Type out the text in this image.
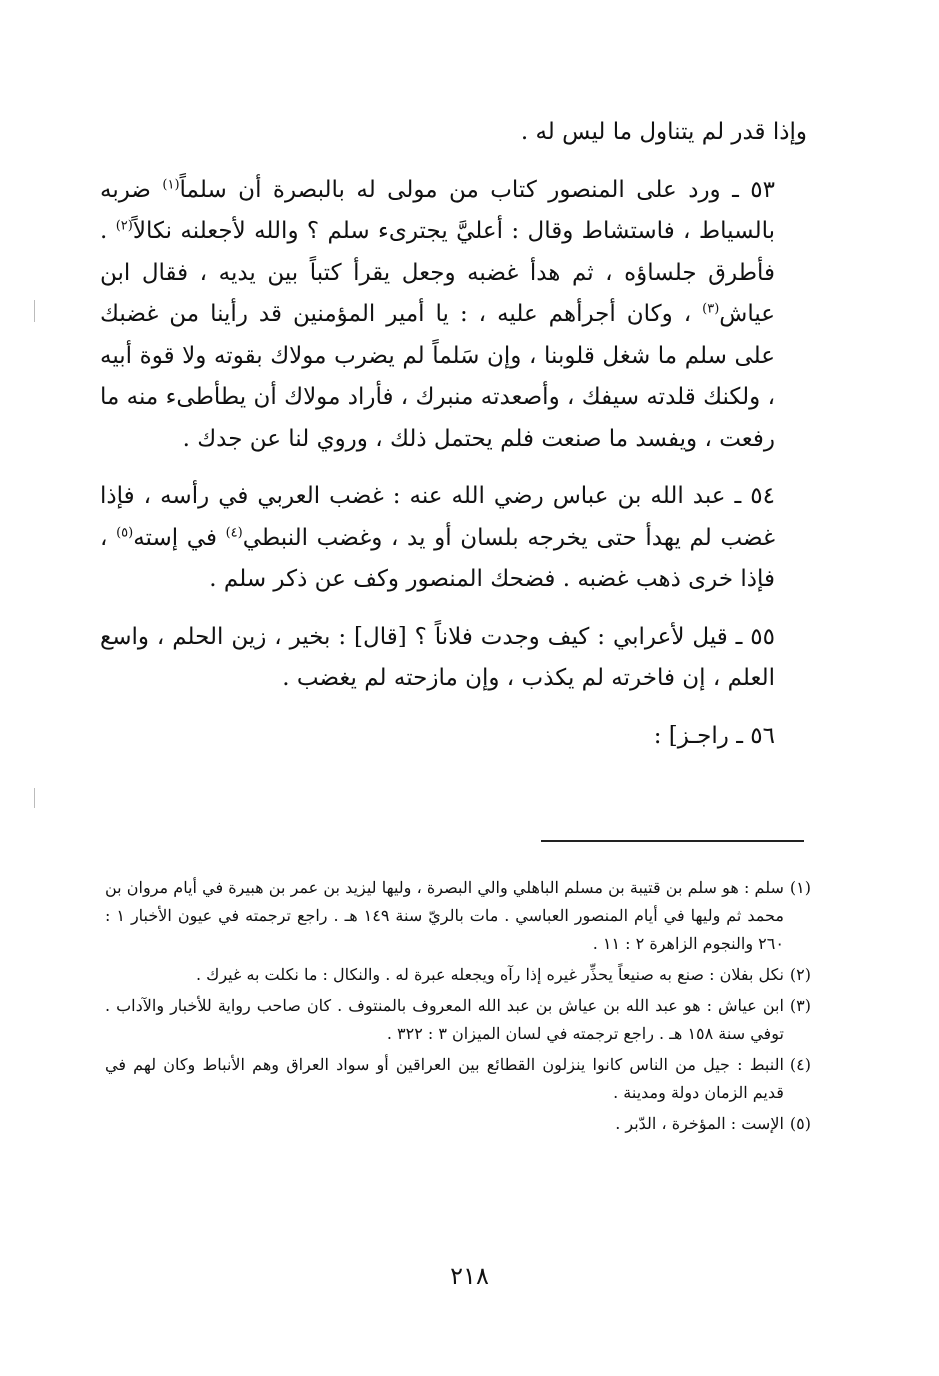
وإذا قدر لم يتناول ما ليس له .

٥٣ ـ ورد على المنصور كتاب من مولى له بالبصرة أن سلماً$^{(١)}$ ضربه بالسياط ، فاستشاط وقال : أعليَّ يجترىء سلم ؟ والله لأجعلنه نكالاً$^{(٢)}$ . فأطرق جلساؤه ، ثم هدأ غضبه وجعل يقرأ كتباً بين يديه ، فقال ابن عياش$^{(٣)}$ ، وكان أجرأهم عليه ، : يا أمير المؤمنين قد رأينا من غضبك على سلم ما شغل قلوبنا ، وإن سَلماً لم يضرب مولاك بقوته ولا قوة أبيه ، ولكنك قلدته سيفك ، وأصعدته منبرك ، فأراد مولاك أن يطأطىء منه ما رفعت ، ويفسد ما صنعت فلم يحتمل ذلك ، وروي لنا عن جدك .

٥٤ ـ عبد الله بن عباس رضي الله عنه : غضب العربي في رأسه ، فإذا غضب لم يهدأ حتى يخرجه بلسان أو يد ، وغضب النبطي$^{(٤)}$ في إسته$^{(٥)}$ ، فإذا خرى ذهب غضبه . فضحك المنصور وكف عن ذكر سلم .

٥٥ ـ قيل لأعرابي : كيف وجدت فلاناً ؟ [قال] : بخير ، زين الحلم ، واسع العلم ، إن فاخرته لم يكذب ، وإن مازحته لم يغضب .

٥٦ ـ راجـز] :

(١)
سلم : هو سلم بن قتيبة بن مسلم الباهلي والي البصرة ، وليها ليزيد بن عمر بن هبيرة في أيام مروان بن محمد ثم وليها في أيام المنصور العباسي . مات بالريّ سنة ١٤٩ هـ . راجع ترجمته في عيون الأخبار ١ : ٢٦٠ والنجوم الزاهرة ٢ : ١١ .
(٢)
نكل بفلان : صنع به صنيعاً يحذِّر غيره إذا رآه ويجعله عبرة له . والنكال : ما نكلت به غيرك .
(٣)
ابن عياش : هو عبد الله بن عياش بن عبد الله المعروف بالمنتوف . كان صاحب رواية للأخبار والآداب . توفي سنة ١٥٨ هـ . راجع ترجمته في لسان الميزان ٣ : ٣٢٢ .
(٤)
النبط : جيل من الناس كانوا ينزلون القطائع بين العراقين أو سواد العراق وهم الأنباط وكان لهم في قديم الزمان دولة ومدينة .
(٥)
الإست : المؤخرة ، الدّبر .
٢١٨
